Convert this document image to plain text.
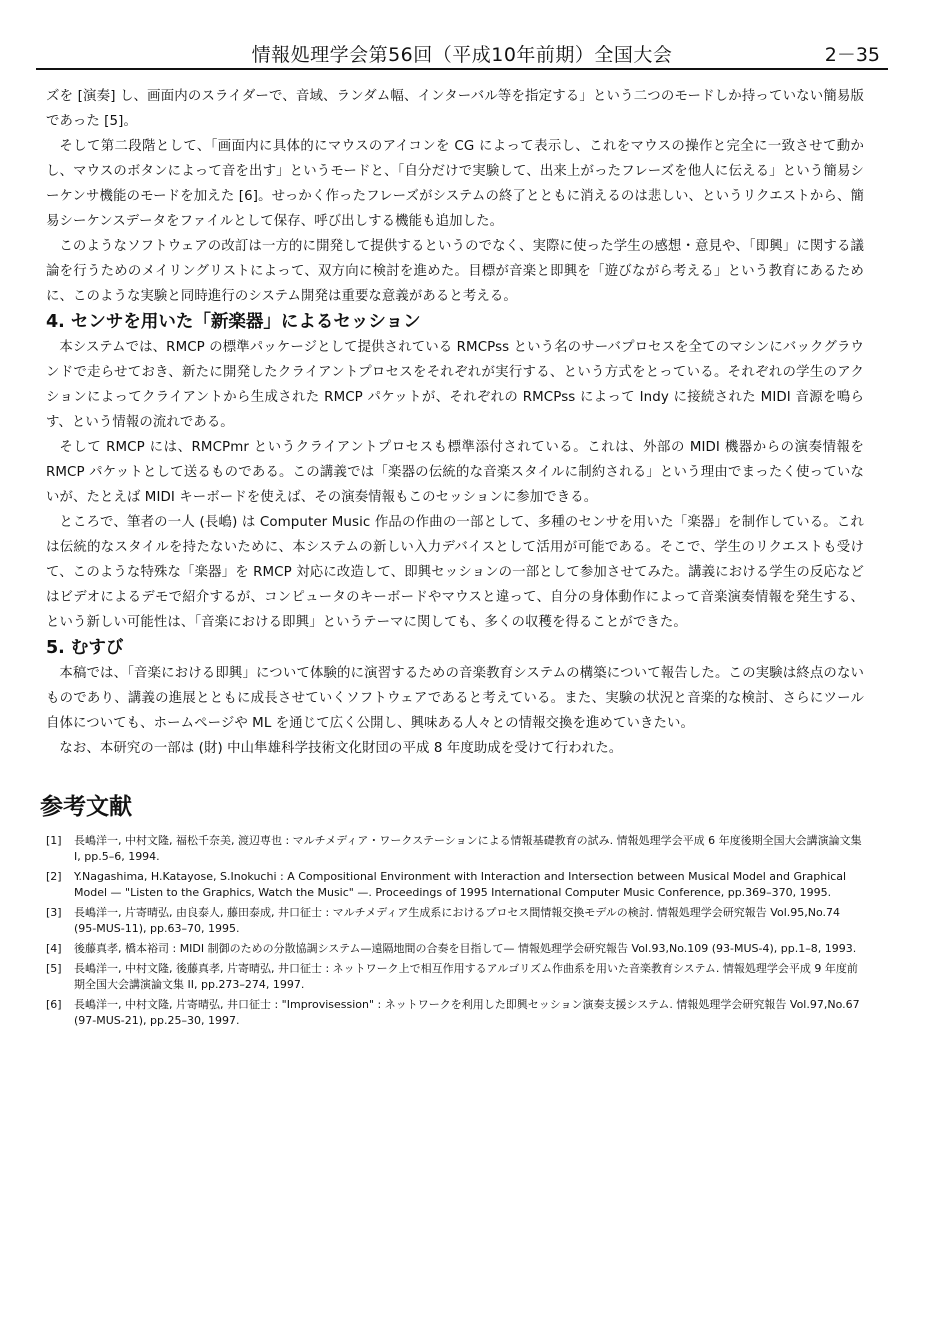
情報処理学会第56回（平成10年前期）全国大会	2－35

ズを [演奏] し、画面内のスライダーで、音域、ランダム幅、インターバル等を指定する」という二つのモードしか持っていない簡易版であった [5]。

そして第二段階として、「画面内に具体的にマウスのアイコンを CG によって表示し、これをマウスの操作と完全に一致させて動かし、マウスのボタンによって音を出す」というモードと、「自分だけで実験して、出来上がったフレーズを他人に伝える」という簡易シーケンサ機能のモードを加えた [6]。せっかく作ったフレーズがシステムの終了とともに消えるのは悲しい、というリクエストから、簡易シーケンスデータをファイルとして保存、呼び出しする機能も追加した。

このようなソフトウェアの改訂は一方的に開発して提供するというのでなく、実際に使った学生の感想・意見や、「即興」に関する議論を行うためのメイリングリストによって、双方向に検討を進めた。目標が音楽と即興を「遊びながら考える」という教育にあるために、このような実験と同時進行のシステム開発は重要な意義があると考える。

4. センサを用いた「新楽器」によるセッション

本システムでは、RMCP の標準パッケージとして提供されている RMCPss という名のサーバプロセスを全てのマシンにバックグラウンドで走らせておき、新たに開発したクライアントプロセスをそれぞれが実行する、という方式をとっている。それぞれの学生のアクションによってクライアントから生成された RMCP パケットが、それぞれの RMCPss によって Indy に接続された MIDI 音源を鳴らす、という情報の流れである。

そして RMCP には、RMCPmr というクライアントプロセスも標準添付されている。これは、外部の MIDI 機器からの演奏情報を RMCP パケットとして送るものである。この講義では「楽器の伝統的な音楽スタイルに制約される」という理由でまったく使っていないが、たとえば MIDI キーボードを使えば、その演奏情報もこのセッションに参加できる。

ところで、筆者の一人 (長嶋) は Computer Music 作品の作曲の一部として、多種のセンサを用いた「楽器」を制作している。これは伝統的なスタイルを持たないために、本システムの新しい入力デバイスとして活用が可能である。そこで、学生のリクエストも受けて、このような特殊な「楽器」を RMCP 対応に改造して、即興セッションの一部として参加させてみた。講義における学生の反応などはビデオによるデモで紹介するが、コンピュータのキーボードやマウスと違って、自分の身体動作によって音楽演奏情報を発生する、という新しい可能性は、「音楽における即興」というテーマに関しても、多くの収穫を得ることができた。

5. むすび

本稿では、「音楽における即興」について体験的に演習するための音楽教育システムの構築について報告した。この実験は終点のないものであり、講義の進展とともに成長させていくソフトウェアであると考えている。また、実験の状況と音楽的な検討、さらにツール自体についても、ホームページや ML を通じて広く公開し、興味ある人々との情報交換を進めていきたい。

なお、本研究の一部は (財) 中山隼雄科学技術文化財団の平成 8 年度助成を受けて行われた。

参考文献
[1] 長嶋洋一, 中村文隆, 福松千奈美, 渡辺専也 : マルチメディア・ワークステーションによる情報基礎教育の試み. 情報処理学会平成 6 年度後期全国大会講演論文集 I, pp.5–6, 1994.
[2] Y.Nagashima, H.Katayose, S.Inokuchi : A Compositional Environment with Interaction and Intersection between Musical Model and Graphical Model — "Listen to the Graphics, Watch the Music" —. Proceedings of 1995 International Computer Music Conference, pp.369–370, 1995.
[3] 長嶋洋一, 片寄晴弘, 由良泰人, 藤田泰成, 井口征士 : マルチメディア生成系におけるプロセス間情報交換モデルの検討. 情報処理学会研究報告 Vol.95,No.74 (95-MUS-11), pp.63–70, 1995.
[4] 後藤真孝, 橋本裕司 : MIDI 制御のための分散協調システム—遠隔地間の合奏を目指して— 情報処理学会研究報告 Vol.93,No.109 (93-MUS-4), pp.1–8, 1993.
[5] 長嶋洋一, 中村文隆, 後藤真孝, 片寄晴弘, 井口征士 : ネットワーク上で相互作用するアルゴリズム作曲系を用いた音楽教育システム. 情報処理学会平成 9 年度前期全国大会講演論文集 II, pp.273–274, 1997.
[6] 長嶋洋一, 中村文隆, 片寄晴弘, 井口征士 : "Improvisession" : ネットワークを利用した即興セッション演奏支援システム. 情報処理学会研究報告 Vol.97,No.67 (97-MUS-21), pp.25–30, 1997.
